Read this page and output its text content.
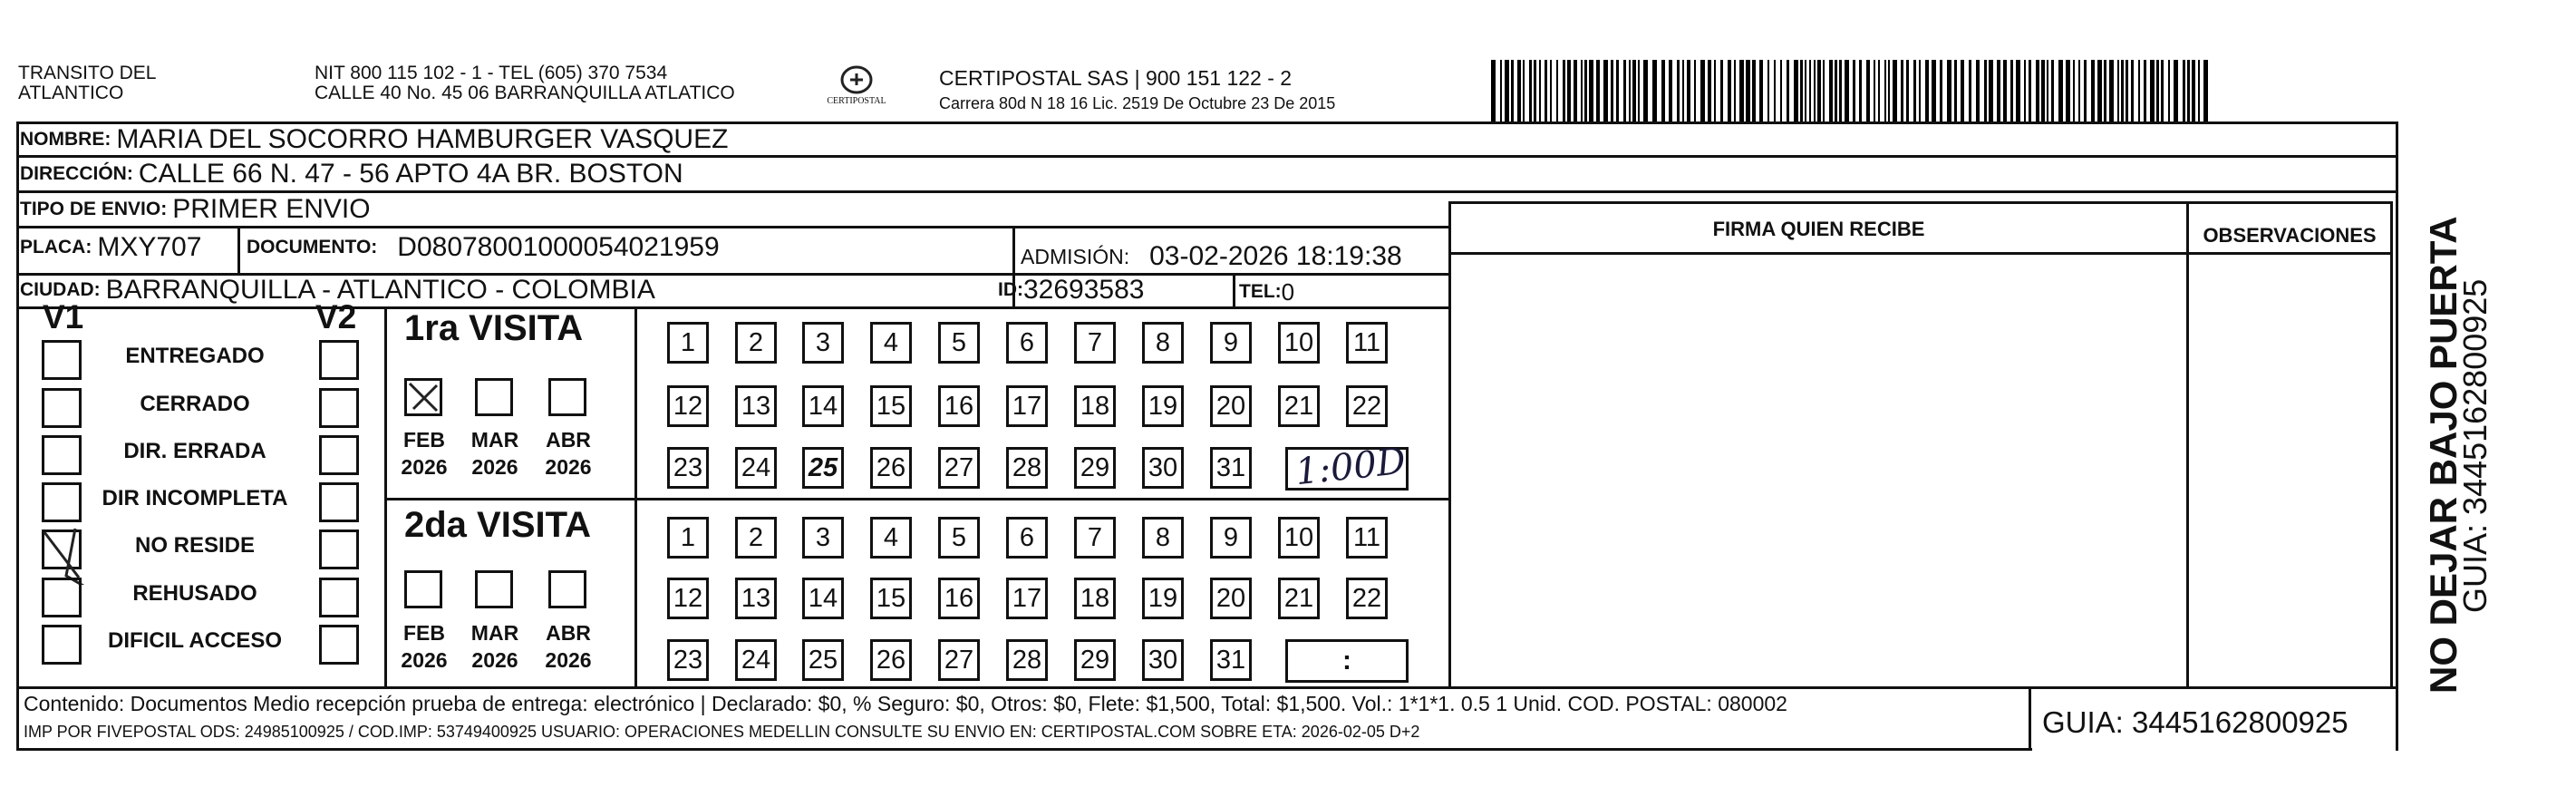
TRANSITO DEL
ATLANTICO
NIT 800 115 102 - 1 - TEL (605) 370 7534
CALLE 40 No. 45 06 BARRANQUILLA ATLATICO	CERTIPOSTAL
CERTIPOSTAL SAS | 900 151 122 - 2
Carrera 80d N 18 16 Lic. 2519 De Octubre 23 De 2015
NOMBRE: MARIA DEL SOCORRO HAMBURGER VASQUEZ
DIRECCIÓN: CALLE 66 N. 47 - 56 APTO 4A BR. BOSTON
TIPO DE ENVIO: PRIMER ENVIO
PLACA: MXY707 DOCUMENTO: D08078001000054021959	ADMISIÓN: 03-02-2026 18:19:38
CIUDAD: BARRANQUILLA - ATLANTICO - COLOMBIA	ID: 32693583	TEL: 0
FIRMA QUIEN RECIBE	OBSERVACIONES
V1	V2
ENTREGADO
CERRADO
DIR. ERRADA
DIR INCOMPLETA
NO RESIDE
REHUSADO
DIFICIL ACCESO
1ra VISITA
2da VISITA
FEB
2026
MAR
2026
ABR
2026
FEB
2026
MAR
2026
ABR
2026
1 2 3 4 5 6 7 8 9 10 11
12 13 14 15 16 17 18 19 20 21 22
23 24 25 26 27 28 29 30 31
1 2 3 4 5 6 7 8 9 10 11
12 13 14 15 16 17 18 19 20 21 22
23 24 25 26 27 28 29 30 31
1:00D
:
Contenido: Documentos Medio recepción prueba de entrega: electrónico | Declarado: $0, % Seguro: $0, Otros: $0, Flete: $1,500, Total: $1,500. Vol.: 1*1*1. 0.5 1 Unid. COD. POSTAL: 080002
IMP POR FIVEPOSTAL ODS: 24985100925 / COD.IMP: 53749400925 USUARIO: OPERACIONES MEDELLIN CONSULTE SU ENVIO EN: CERTIPOSTAL.COM SOBRE ETA: 2026-02-05 D+2	GUIA: 3445162800925
NO DEJAR BAJO PUERTA
GUIA: 3445162800925
